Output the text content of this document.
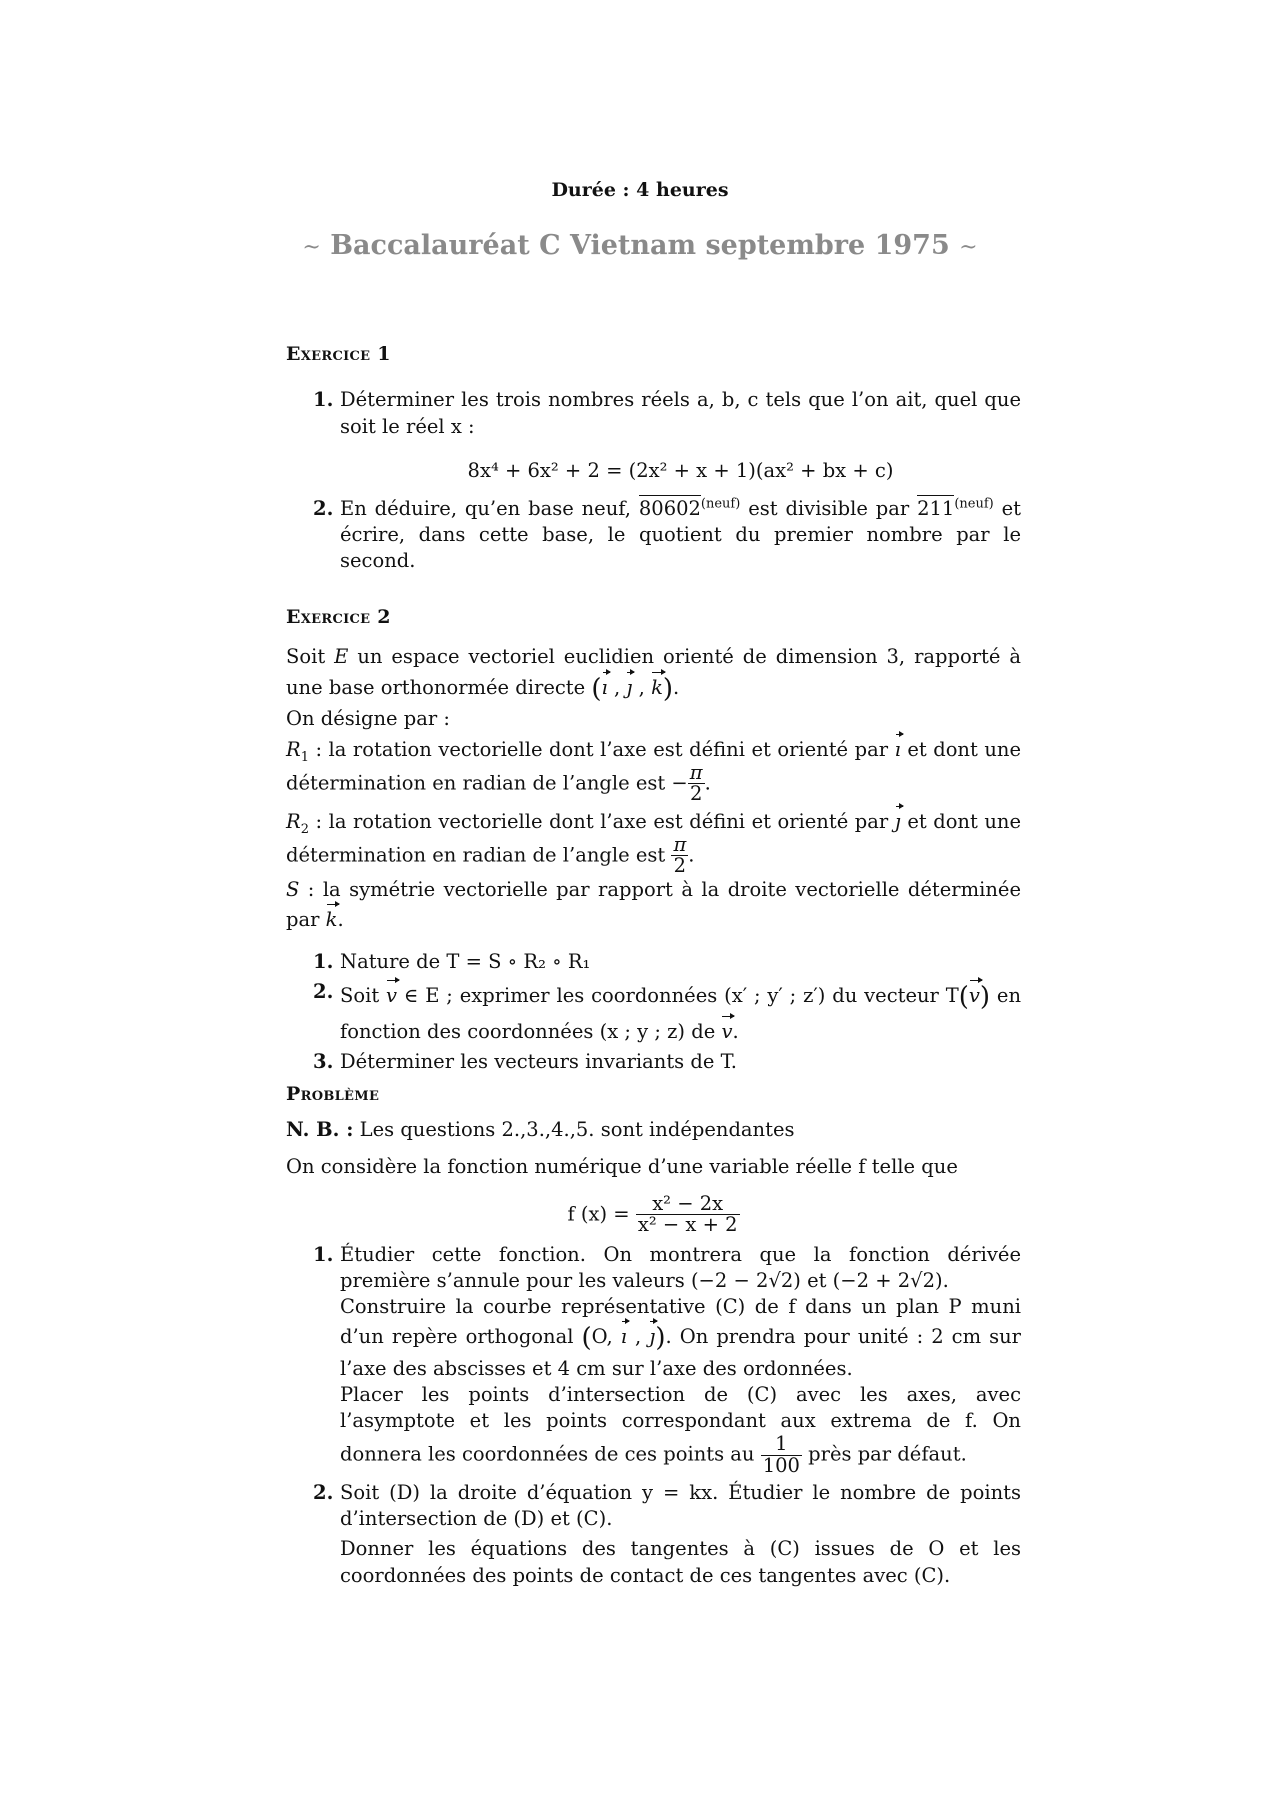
Durée : 4 heures
~ Baccalauréat C Vietnam septembre 1975 ~
Exercice 1
1. Déterminer les trois nombres réels a, b, c tels que l’on ait, quel que soit le réel x :

8x⁴ + 6x² + 2 = (2x² + x + 1)(ax² + bx + c)

2. En déduire, qu’en base neuf, $80602^{(neuf)}$ est divisible par $211^{(neuf)}$ et écrire, dans cette base, le quotient du premier nombre par le second.

Exercice 2

Soit E un espace vectoriel euclidien orienté de dimension 3, rapporté à une base orthonormée directe (ı , ȷ , k).

On désigne par :

$R_1$ : la rotation vectorielle dont l’axe est défini et orienté par ı et dont une détermination en radian de l’angle est − $\frac{\pi}{2}$ .

$R_2$ : la rotation vectorielle dont l’axe est défini et orienté par ȷ et dont une détermination en radian de l’angle est $\frac{\pi}{2}$ .

S : la symétrie vectorielle par rapport à la droite vectorielle déterminée par k.

1. Nature de T = S ∘ R₂ ∘ R₁

2. Soit v ∈ E ; exprimer les coordonnées (x′ ; y′ ; z′) du vecteur T(v) en fonction des coordonnées (x ; y ; z) de v.

3. Déterminer les vecteurs invariants de T.

Problème

N. B. : Les questions 2.,3.,4.,5. sont indépendantes

On considère la fonction numérique d’une variable réelle f telle que

f $(x) = \frac{\text{x² − 2x}}{\text{x² − x + 2}}$

1. Étudier cette fonction. On montrera que la fonction dérivée première s’annule pour les valeurs (−2 − 2√2) et (−2 + 2√2).

Construire la courbe représentative (C) de f dans un plan P muni d’un repère orthogonal (O, ı , ȷ). On prendra pour unité : 2 cm sur l’axe des abscisses et 4 cm sur l’axe des ordonnées.

Placer les points d’intersection de (C) avec les axes, avec l’asymptote et les points correspondant aux extrema de f. On donnera les coordonnées de ces points au $\frac{1}{100}$ près par défaut.

2. Soit (D) la droite d’équation y = kx. Étudier le nombre de points d’intersection de (D) et (C).

Donner les équations des tangentes à (C) issues de O et les coordonnées des points de contact de ces tangentes avec (C).
